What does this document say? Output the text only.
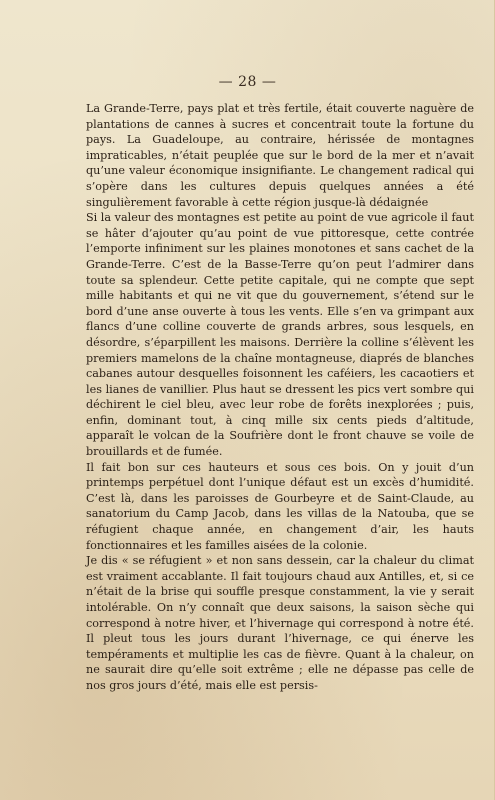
— 28 —

La Grande-Terre, pays plat et très fertile, était couverte naguère de plantations de cannes à sucres et concentrait toute la fortune du pays. La Guadeloupe, au contraire, hérissée de montagnes impraticables, n’était peuplée que sur le bord de la mer et n’avait qu’une valeur économique insignifiante. Le changement radical qui s’opère dans les cultures depuis quelques années a été singulièrement favorable à cette région jusque-là dédaignée

Si la valeur des montagnes est petite au point de vue agricole il faut se hâter d’ajouter qu’au point de vue pittoresque, cette contrée l’emporte infiniment sur les plaines monotones et sans cachet de la Grande-Terre. C’est de la Basse-Terre qu’on peut l’admirer dans toute sa splendeur. Cette petite capitale, qui ne compte que sept mille habitants et qui ne vit que du gouvernement, s’étend sur le bord d’une anse ouverte à tous les vents. Elle s’en va grimpant aux flancs d’une colline couverte de grands arbres, sous lesquels, en désordre, s’éparpillent les maisons. Derrière la colline s’élèvent les premiers mamelons de la chaîne montagneuse, diaprés de blanches cabanes autour desquelles foisonnent les caféiers, les cacaotiers et les lianes de vanillier. Plus haut se dressent les pics vert sombre qui déchirent le ciel bleu, avec leur robe de forêts inexplorées ; puis, enfin, dominant tout, à cinq mille six cents pieds d’altitude, apparaît le volcan de la Soufrière dont le front chauve se voile de brouillards et de fumée.

Il fait bon sur ces hauteurs et sous ces bois. On y jouit d’un printemps perpétuel dont l’unique défaut est un excès d’humidité. C’est là, dans les paroisses de Gourbeyre et de Saint-Claude, au sanatorium du Camp Jacob, dans les villas de la Natouba, que se réfugient chaque année, en changement d’air, les hauts fonctionnaires et les familles aisées de la colonie.

Je dis « se réfugient » et non sans dessein, car la chaleur du climat est vraiment accablante. Il fait toujours chaud aux Antilles, et, si ce n’était de la brise qui souffle presque constamment, la vie y serait intolérable. On n’y connaît que deux saisons, la saison sèche qui correspond à notre hiver, et l’hivernage qui correspond à notre été. Il pleut tous les jours durant l’hivernage, ce qui énerve les tempéraments et multiplie les cas de fièvre. Quant à la chaleur, on ne saurait dire qu’elle soit extrême ; elle ne dépasse pas celle de nos gros jours d’été, mais elle est persis-
